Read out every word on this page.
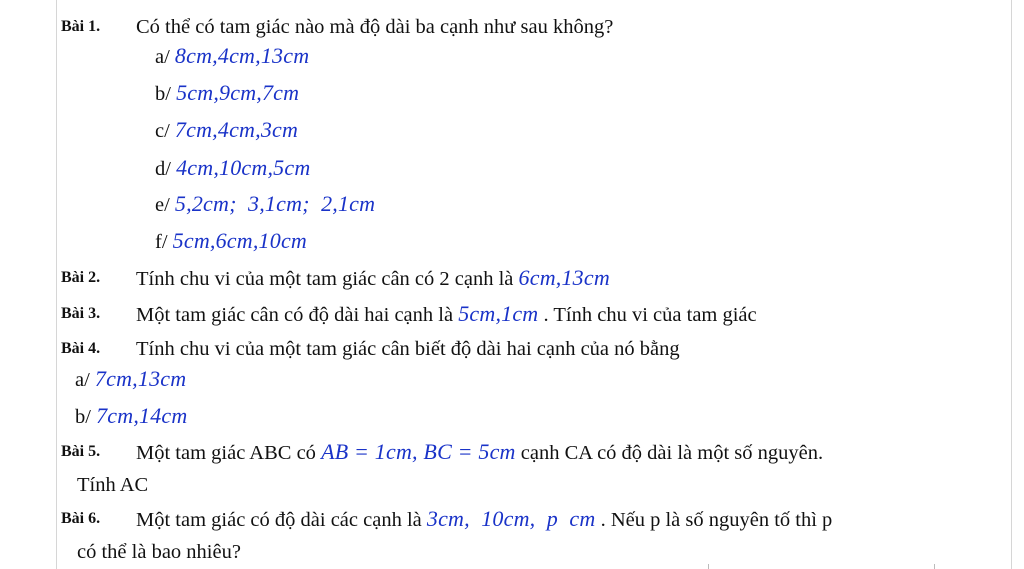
Bài 1. Có thể có tam giác nào mà độ dài ba cạnh như sau không?
a/ 8cm,4cm,13cm
b/ 5cm,9cm,7cm
c/ 7cm,4cm,3cm
d/ 4cm,10cm,5cm
e/ 5,2cm;  3,1cm;  2,1cm
f/ 5cm,6cm,10cm
Bài 2. Tính chu vi của một tam giác cân có 2 cạnh là 6cm,13cm
Bài 3. Một tam giác cân có độ dài hai cạnh là 5cm,1cm . Tính chu vi của tam giác
Bài 4. Tính chu vi của một tam giác cân biết độ dài hai cạnh của nó bằng
a/ 7cm,13cm
b/ 7cm,14cm
Bài 5. Một tam giác ABC có AB = 1cm, BC = 5cm cạnh CA có độ dài là một số nguyên.
Tính AC
Bài 6. Một tam giác có độ dài các cạnh là 3cm,  10cm,  p  cm . Nếu p là số nguyên tố thì p
có thể là bao nhiêu?
